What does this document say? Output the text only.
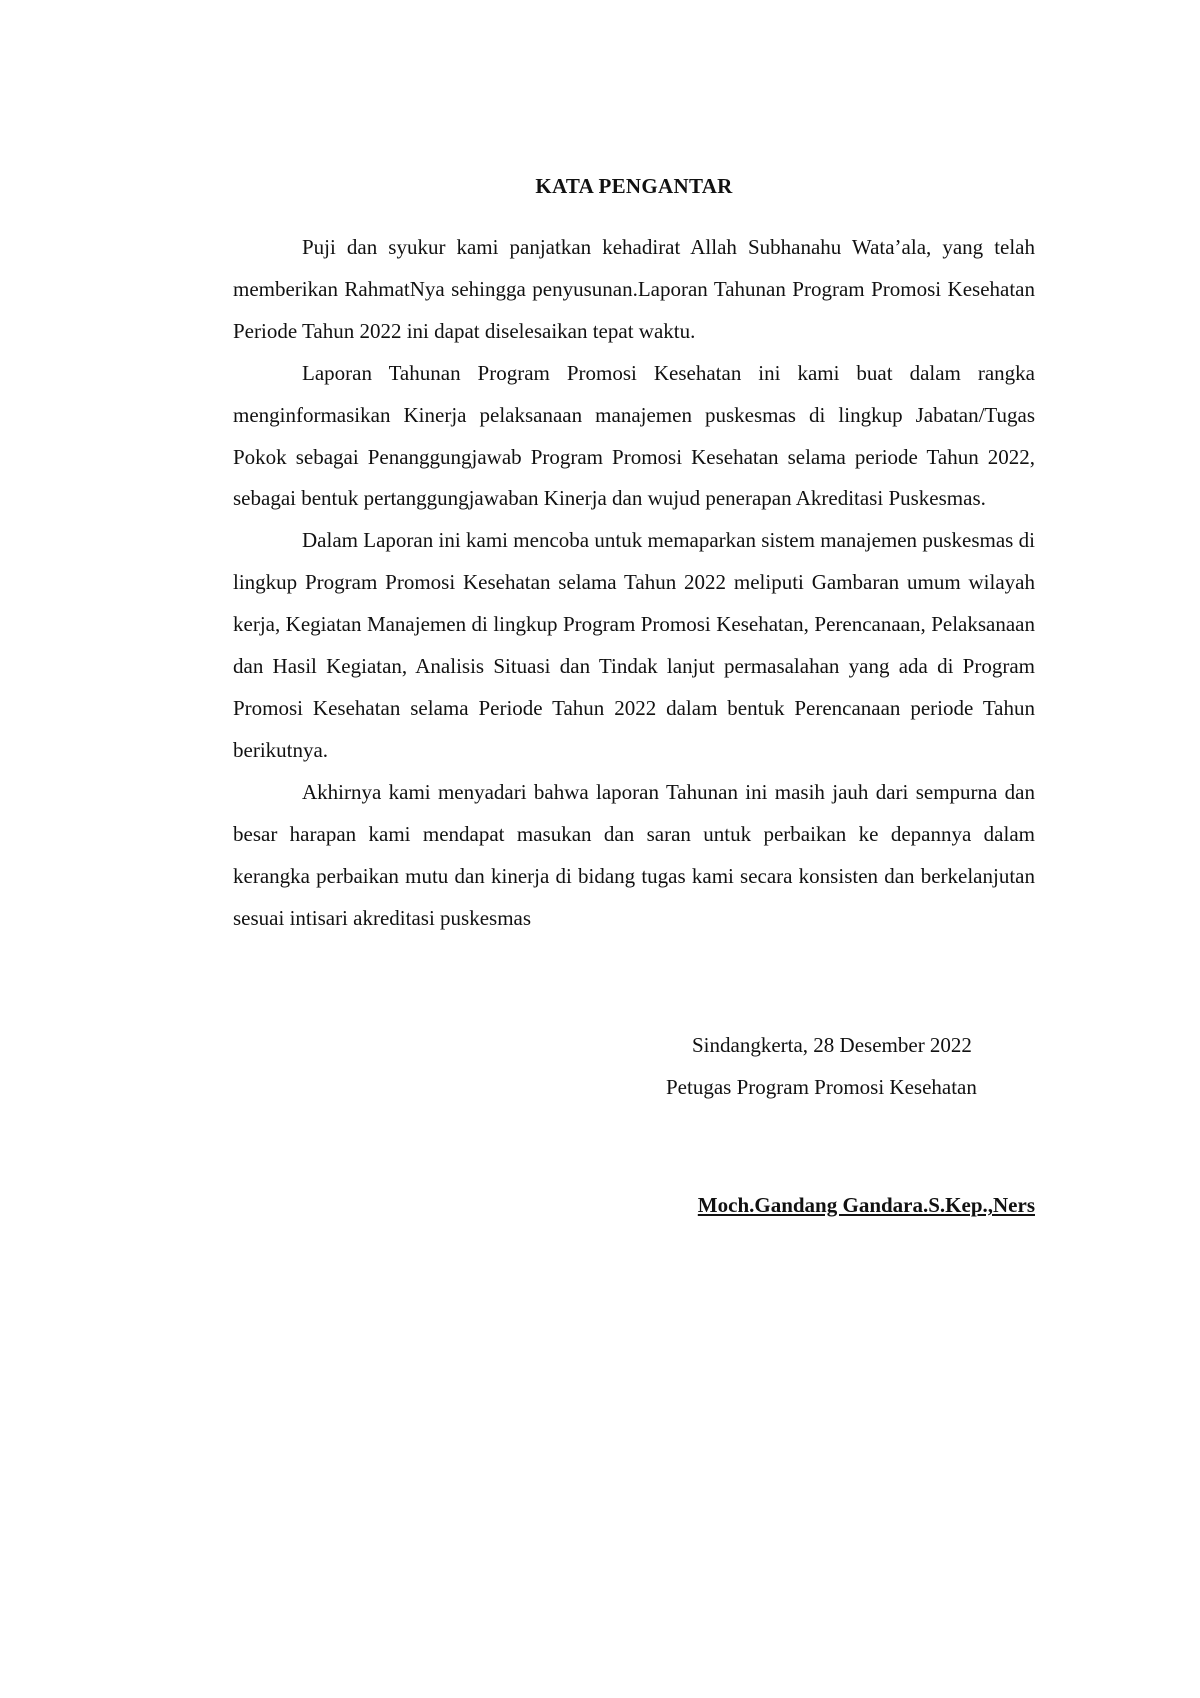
KATA PENGANTAR

Puji dan syukur kami panjatkan kehadirat Allah Subhanahu Wata’ala, yang telah memberikan RahmatNya sehingga penyusunan.Laporan Tahunan Program Promosi Kesehatan Periode Tahun 2022 ini dapat diselesaikan tepat waktu.

Laporan Tahunan Program Promosi Kesehatan ini kami buat dalam rangka menginformasikan Kinerja pelaksanaan manajemen puskesmas di lingkup Jabatan/Tugas Pokok sebagai Penanggungjawab Program Promosi Kesehatan selama periode Tahun 2022, sebagai bentuk pertanggungjawaban Kinerja dan wujud penerapan Akreditasi Puskesmas.

Dalam Laporan ini kami mencoba untuk memaparkan sistem manajemen puskesmas di lingkup Program Promosi Kesehatan selama Tahun 2022 meliputi Gambaran umum wilayah kerja, Kegiatan Manajemen di lingkup Program Promosi Kesehatan, Perencanaan, Pelaksanaan dan Hasil Kegiatan, Analisis Situasi dan Tindak lanjut permasalahan yang ada di Program Promosi Kesehatan selama Periode Tahun 2022 dalam bentuk Perencanaan periode Tahun berikutnya.

Akhirnya kami menyadari bahwa laporan Tahunan ini masih jauh dari sempurna dan besar harapan kami mendapat masukan dan saran untuk perbaikan ke depannya dalam kerangka perbaikan mutu dan kinerja di bidang tugas kami secara konsisten dan berkelanjutan sesuai intisari akreditasi puskesmas

Sindangkerta, 28 Desember 2022
Petugas Program Promosi Kesehatan
Moch.Gandang Gandara.S.Kep.,Ners
